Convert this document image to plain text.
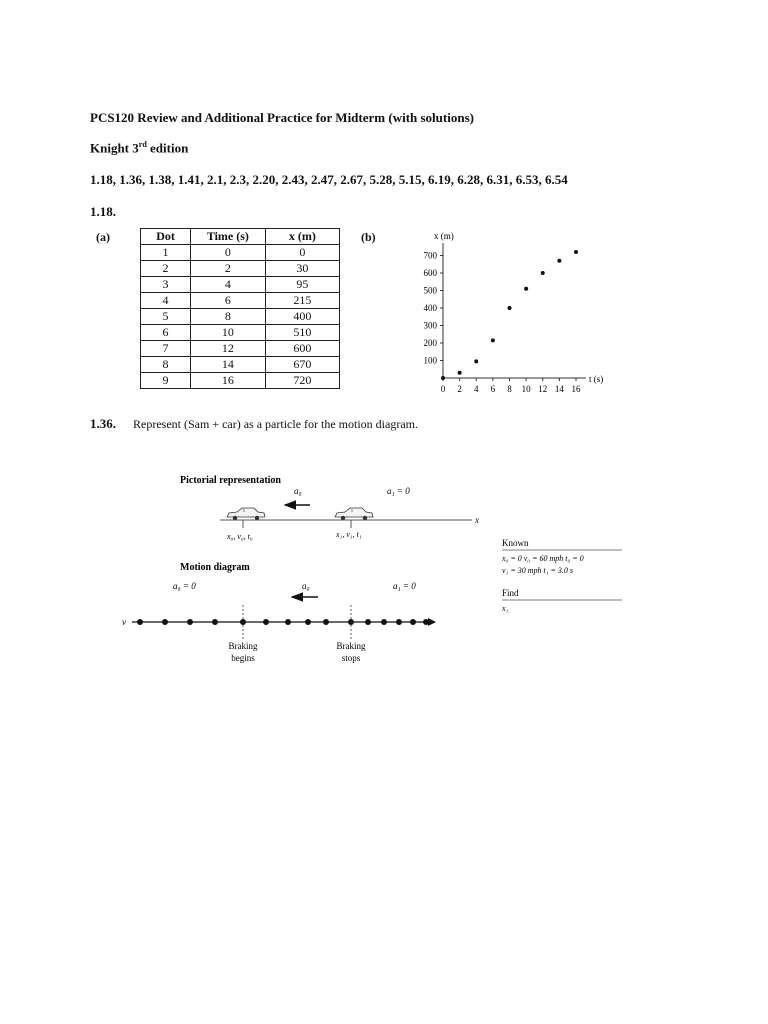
PCS120 Review and Additional Practice for Midterm (with solutions)
Knight 3rd edition
1.18, 1.36, 1.38, 1.41, 2.1, 2.3, 2.20, 2.43, 2.47, 2.67, 5.28, 5.15, 6.19, 6.28, 6.31, 6.53, 6.54
1.18.
(a)	(b)
Dot	Time (s)	x (m)
1	0	0
2	2	30
3	4	95
4	6	215
5	8	400
6	10	510
7	12	600
8	14	670
9	16	720
x (m)
t (s)
100
200
300
400
500
600
700
0 2 4 6 8 10 12 14 16
1.36. Represent (Sam + car) as a particle for the motion diagram.
Pictorial representation
a₀	a₁ = 0
x
x₀, v₀, t₀	x₁, v₁, t₁
Motion diagram
a₀ = 0	a₀	a₁ = 0
v
Braking
begins
Braking
stops
Known
x₀ = 0 v₀ = 60 mph t₀ = 0
v₁ = 30 mph t₁ = 3.0 s
Find
x₁
